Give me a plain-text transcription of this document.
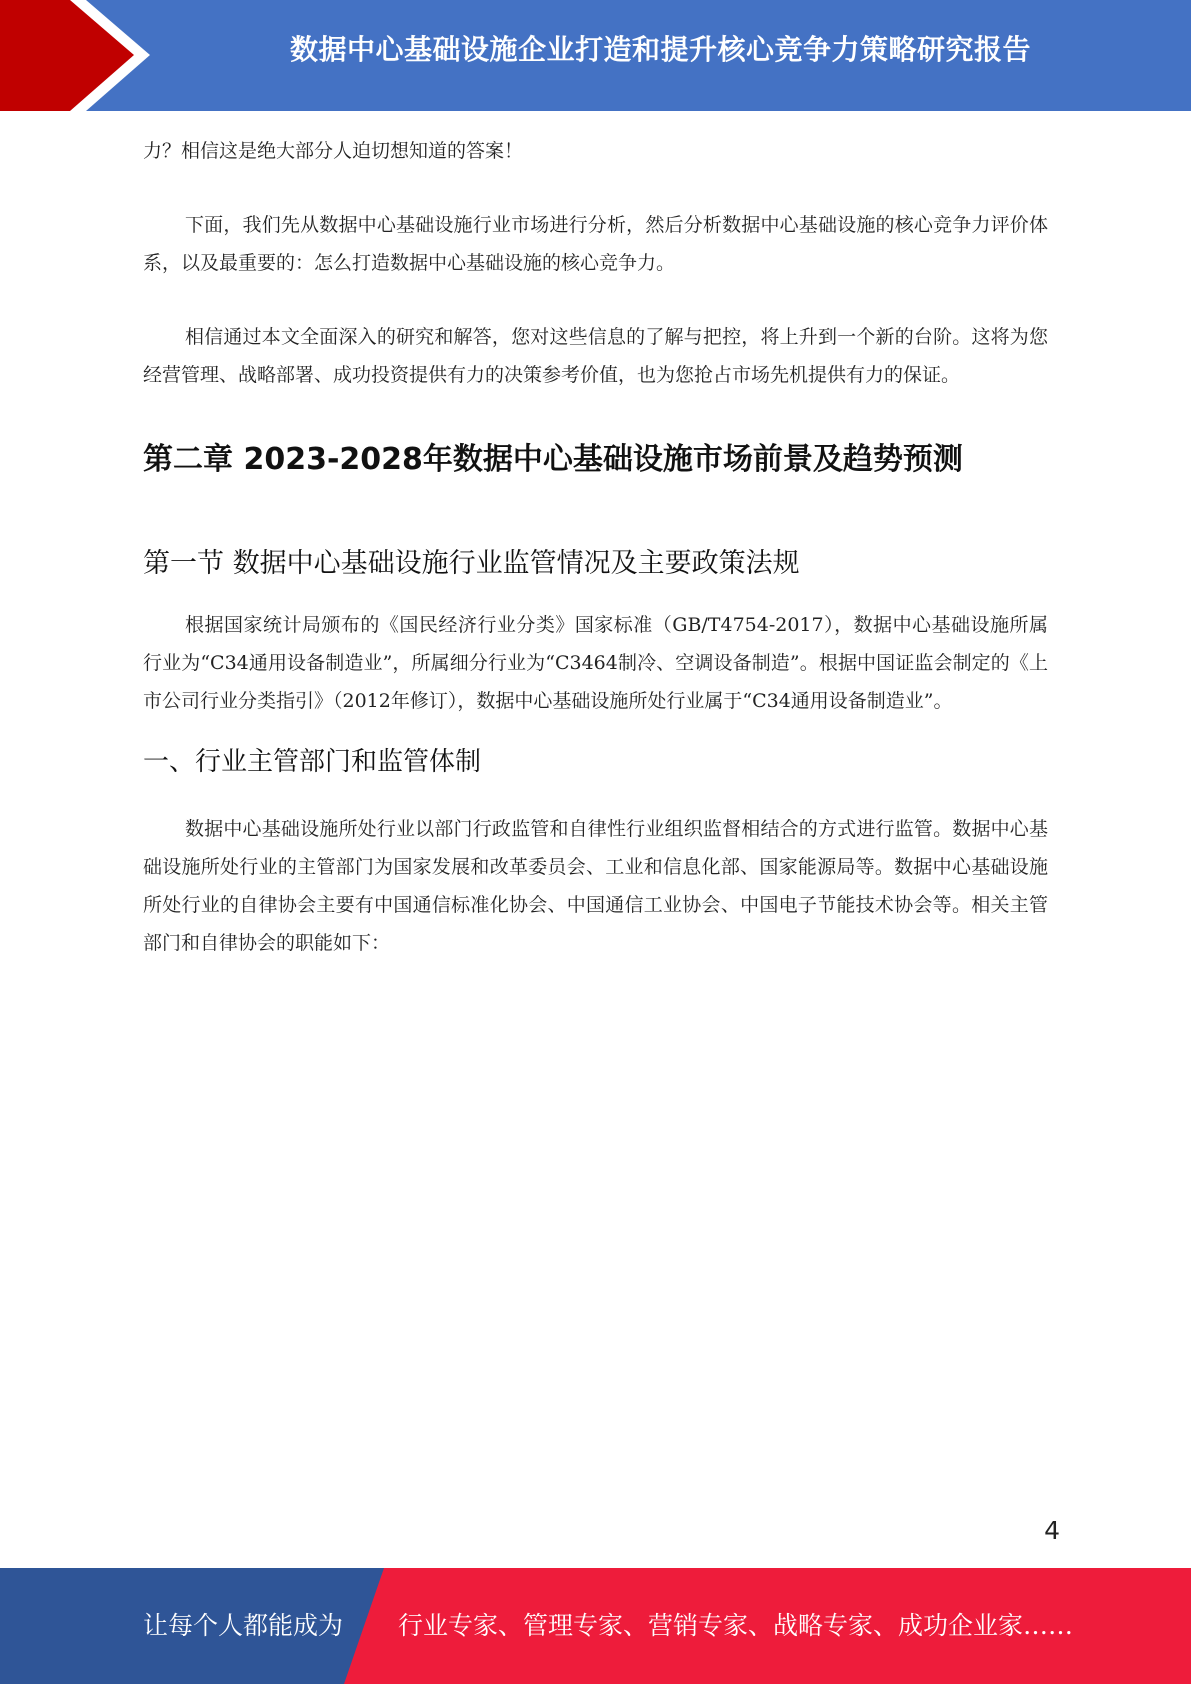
数据中心基础设施企业打造和提升核心竞争力策略研究报告

力？相信这是绝大部分人迫切想知道的答案！

下面，我们先从数据中心基础设施行业市场进行分析，然后分析数据中心基础设施的核心竞争力评价体系，以及最重要的：怎么打造数据中心基础设施的核心竞争力。

相信通过本文全面深入的研究和解答，您对这些信息的了解与把控，将上升到一个新的台阶。这将为您经营管理、战略部署、成功投资提供有力的决策参考价值，也为您抢占市场先机提供有力的保证。

第二章 2023-2028年数据中心基础设施市场前景及趋势预测
第一节 数据中心基础设施行业监管情况及主要政策法规

根据国家统计局颁布的《国民经济行业分类》国家标准（GB/T4754-2017），数据中心基础设施所属行业为“C34通用设备制造业”，所属细分行业为“C3464制冷、空调设备制造”。根据中国证监会制定的《上市公司行业分类指引》（2012年修订），数据中心基础设施所处行业属于“C34通用设备制造业”。

一、行业主管部门和监管体制

数据中心基础设施所处行业以部门行政监管和自律性行业组织监督相结合的方式进行监管。数据中心基础设施所处行业的主管部门为国家发展和改革委员会、工业和信息化部、国家能源局等。数据中心基础设施所处行业的自律协会主要有中国通信标准化协会、中国通信工业协会、中国电子节能技术协会等。相关主管部门和自律协会的职能如下：

4
让每个人都能成为 行业专家、管理专家、营销专家、战略专家、成功企业家……
